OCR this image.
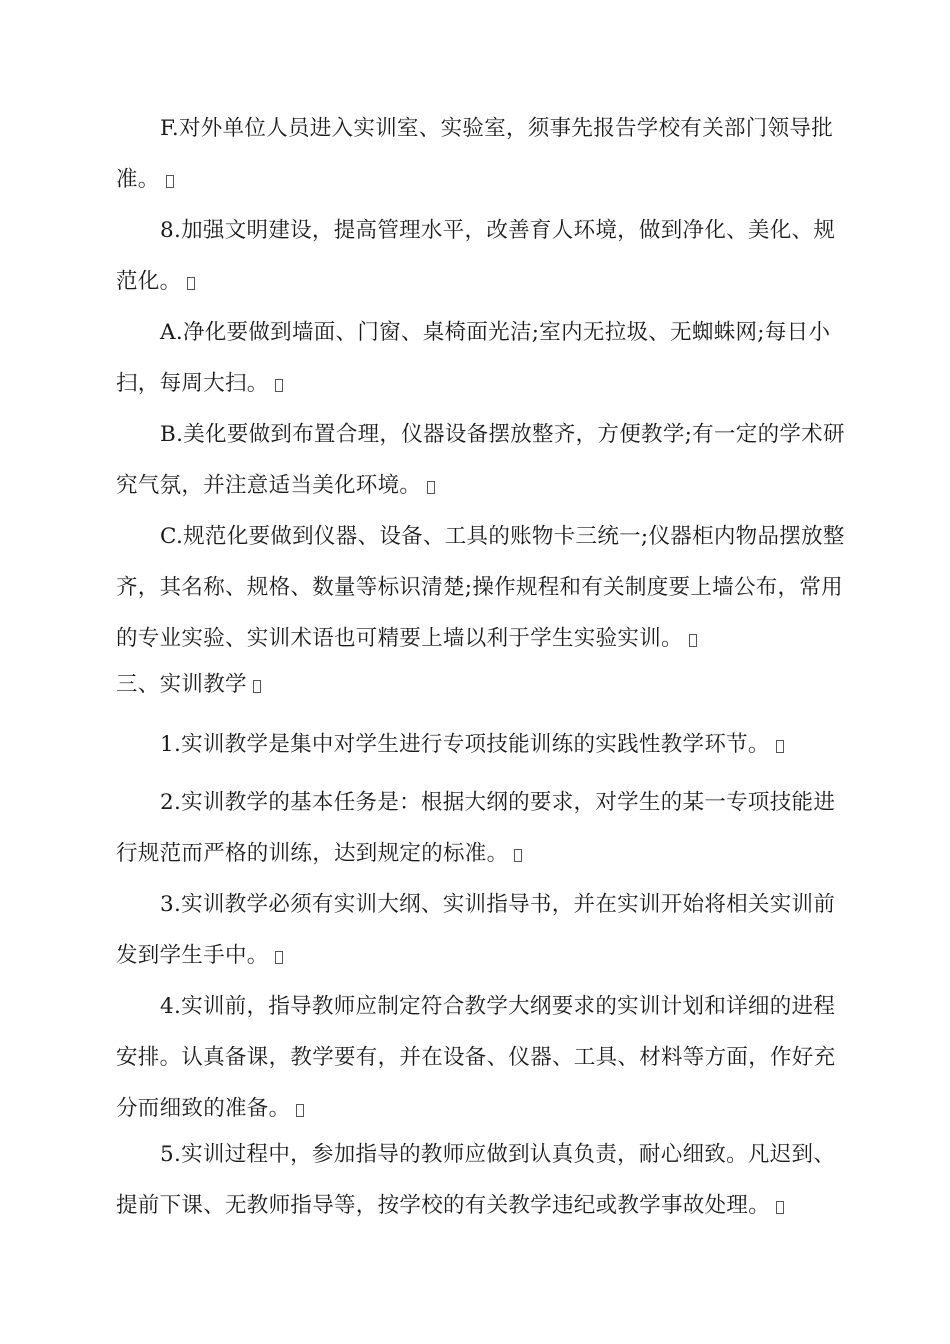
F.对外单位人员进入实训室、实验室，须事先报告学校有关部门领导批准。

8.加强文明建设，提高管理水平，改善育人环境，做到净化、美化、规范化。

A.净化要做到墙面、门窗、桌椅面光洁;室内无拉圾、无蜘蛛网;每日小扫，每周大扫。

B.美化要做到布置合理，仪器设备摆放整齐，方便教学;有一定的学术研究气氛，并注意适当美化环境。

C.规范化要做到仪器、设备、工具的账物卡三统一;仪器柜内物品摆放整齐，其名称、规格、数量等标识清楚;操作规程和有关制度要上墙公布，常用的专业实验、实训术语也可精要上墙以利于学生实验实训。

三、实训教学

1.实训教学是集中对学生进行专项技能训练的实践性教学环节。

2.实训教学的基本任务是：根据大纲的要求，对学生的某一专项技能进行规范而严格的训练，达到规定的标准。

3.实训教学必须有实训大纲、实训指导书，并在实训开始将相关实训前发到学生手中。

4.实训前，指导教师应制定符合教学大纲要求的实训计划和详细的进程安排。认真备课，教学要有，并在设备、仪器、工具、材料等方面，作好充分而细致的准备。

5.实训过程中，参加指导的教师应做到认真负责，耐心细致。凡迟到、提前下课、无教师指导等，按学校的有关教学违纪或教学事故处理。
